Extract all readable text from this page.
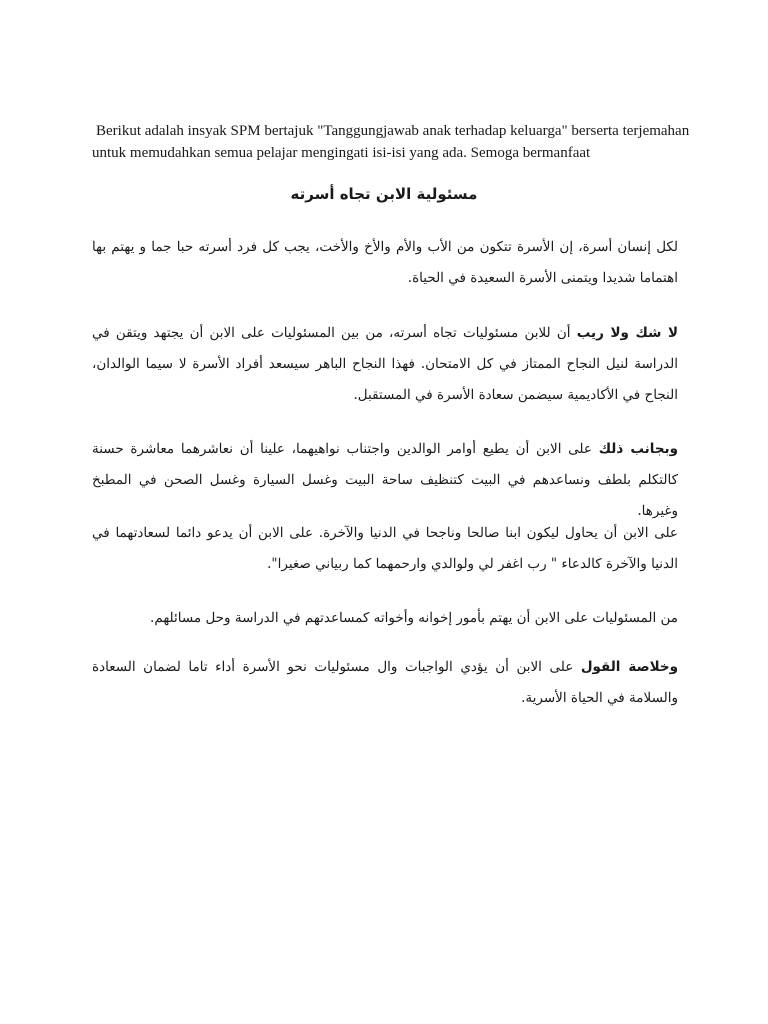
Berikut adalah insyak SPM bertajuk "Tanggungjawab anak terhadap keluarga" berserta terjemahan
untuk memudahkan semua pelajar mengingati isi-isi yang ada. Semoga bermanfaat
مسئولية الابن تجاه أسرته
لكل إنسان أسرة، إن الأسرة تتكون من الأب والأم والأخ والأخت، يجب كل فرد أسرته حبا جما و يهتم بها اهتماما شديدا ويتمنى الأسرة السعيدة في الحياة.
لا شك ولا ريب أن للابن مسئوليات تجاه أسرته، من بين المسئوليات على الابن أن يجتهد ويتقن في الدراسة لنيل النجاح الممتاز في كل الامتحان. فهذا النجاح الباهر سيسعد أفراد الأسرة لا سيما الوالدان، النجاح في الأكاديمية سيضمن سعادة الأسرة في المستقبل.
وبجانب ذلك على الابن أن يطيع أوامر الوالدين واجتناب نواهيهما، علينا أن نعاشرهما معاشرة حسنة كالتكلم بلطف ونساعدهم في البيت كتنظيف ساحة البيت وغسل السيارة وغسل الصحن في المطبخ وغيرها.
على الابن أن يحاول ليكون ابنا صالحا وناجحا في الدنيا والآخرة. على الابن أن يدعو دائما لسعادتهما في الدنيا والآخرة كالدعاء " رب اغفر لي ولوالدي وارحمهما كما ربياني صغيرا".
من المسئوليات على الابن أن يهتم بأمور إخوانه وأخواته كمساعدتهم في الدراسة وحل مسائلهم.
وخلاصة القول على الابن أن يؤدي الواجبات وال مسئوليات نحو الأسرة أداء تاما لضمان السعادة والسلامة في الحياة الأسرية.
